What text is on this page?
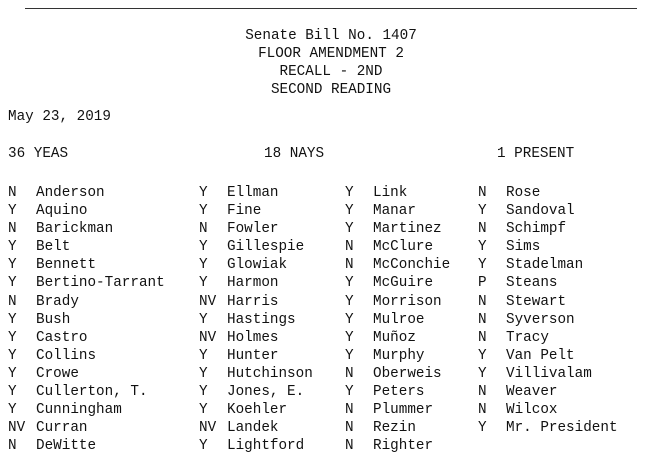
Senate Bill No. 1407
FLOOR AMENDMENT 2
RECALL - 2ND
SECOND READING
May 23, 2019
36 YEAS	18 NAYS	1 PRESENT
N Anderson
Y Aquino
N Barickman
Y Belt
Y Bennett
Y Bertino-Tarrant
N Brady
Y Bush
Y Castro
Y Collins
Y Crowe
Y Cullerton, T.
Y Cunningham
NV Curran
N DeWitte
Y Ellman
Y Fine
N Fowler
Y Gillespie
Y Glowiak
Y Harmon
NV Harris
Y Hastings
NV Holmes
Y Hunter
Y Hutchinson
Y Jones, E.
Y Koehler
NV Landek
Y Lightford
Y Link
Y Manar
Y Martinez
N McClure
N McConchie
Y McGuire
Y Morrison
Y Mulroe
Y Muñoz
Y Murphy
N Oberweis
Y Peters
N Plummer
N Rezin
N Righter
N Rose
Y Sandoval
N Schimpf
Y Sims
Y Stadelman
P Steans
N Stewart
N Syverson
N Tracy
Y Van Pelt
Y Villivalam
N Weaver
N Wilcox
Y Mr. President
